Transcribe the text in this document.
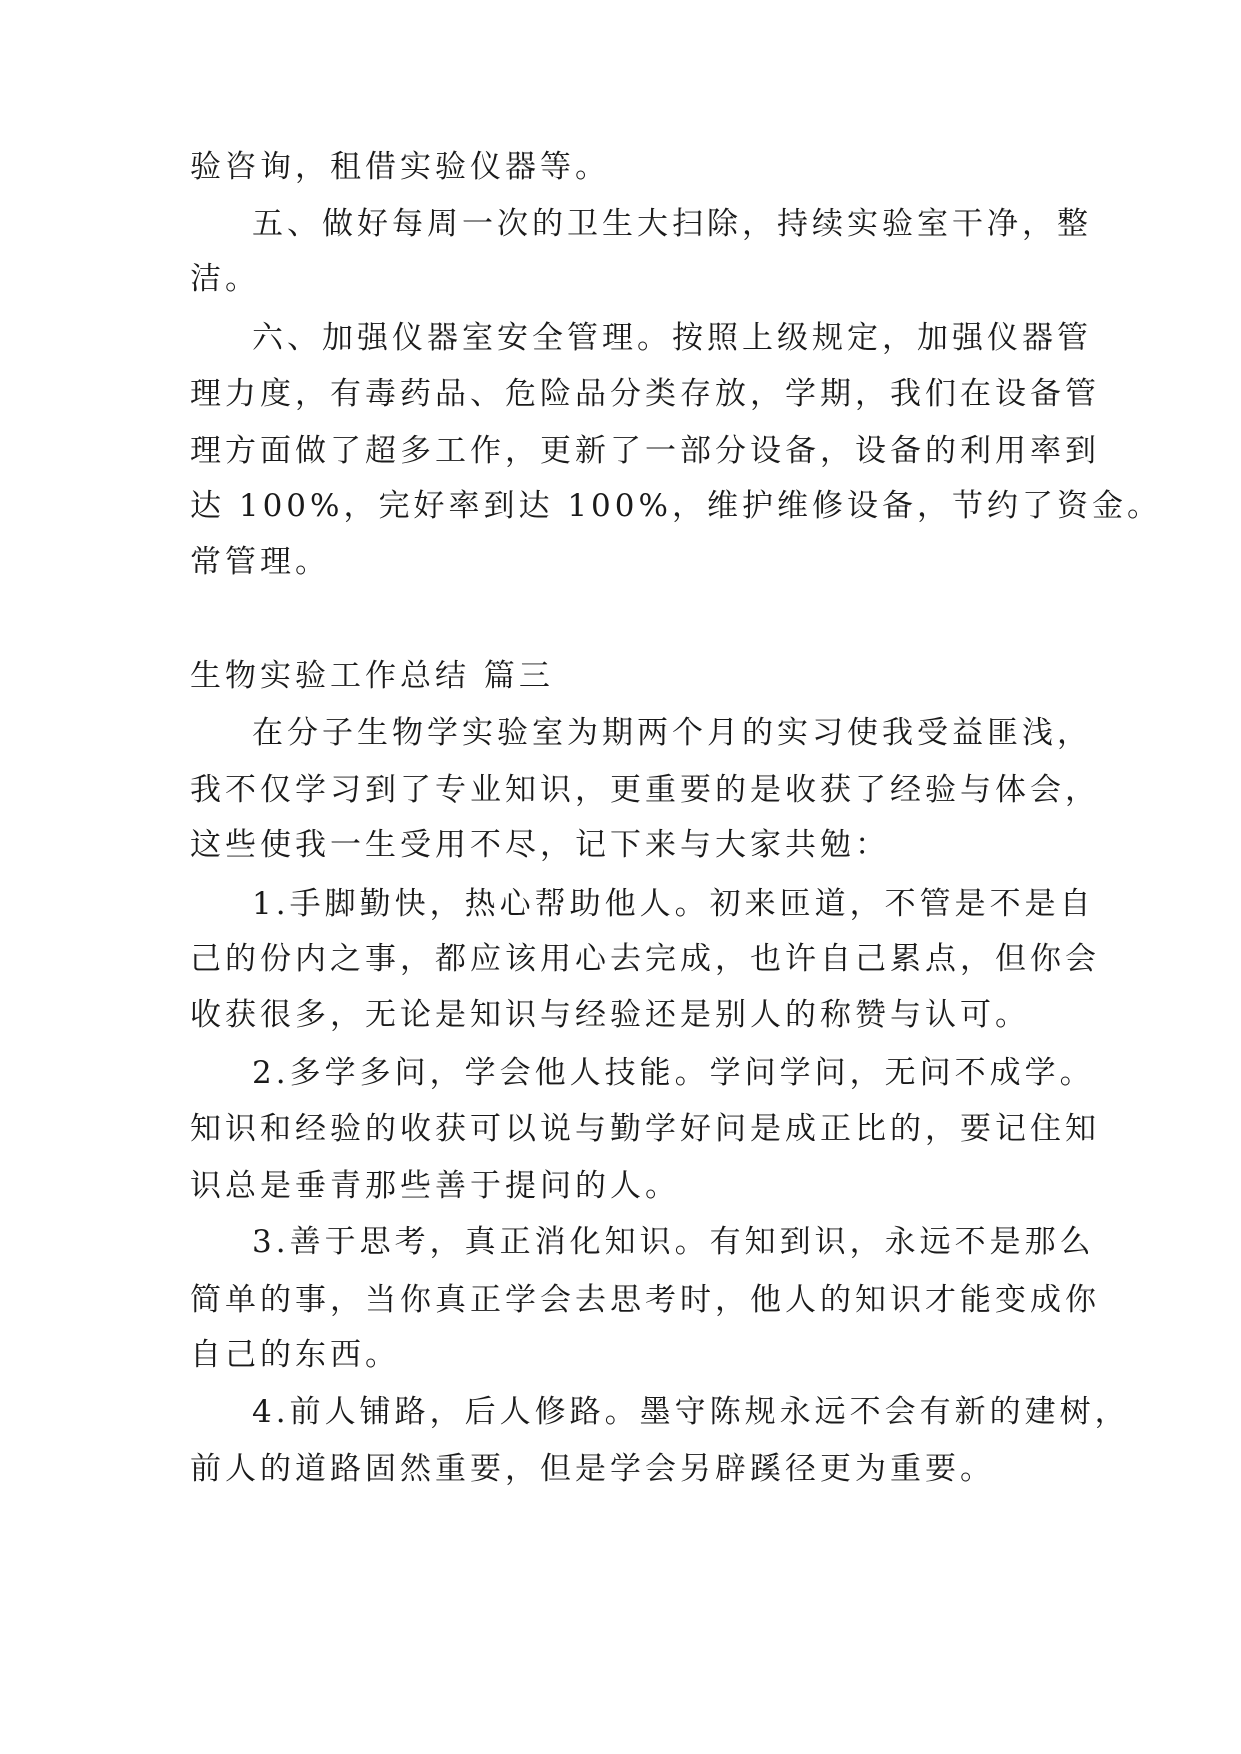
验咨询，租借实验仪器等。
五、做好每周一次的卫生大扫除，持续实验室干净，整
洁。
六、加强仪器室安全管理。按照上级规定，加强仪器管
理力度，有毒药品、危险品分类存放，学期，我们在设备管
理方面做了超多工作，更新了一部分设备，设备的利用率到
达 100%，完好率到达 100%，维护维修设备，节约了资金。
常管理。
生物实验工作总结 篇三
在分子生物学实验室为期两个月的实习使我受益匪浅，
我不仅学习到了专业知识，更重要的是收获了经验与体会，
这些使我一生受用不尽，记下来与大家共勉：
1.手脚勤快，热心帮助他人。初来匝道，不管是不是自
己的份内之事，都应该用心去完成，也许自己累点，但你会
收获很多，无论是知识与经验还是别人的称赞与认可。
2.多学多问，学会他人技能。学问学问，无问不成学。
知识和经验的收获可以说与勤学好问是成正比的，要记住知
识总是垂青那些善于提问的人。
3.善于思考，真正消化知识。有知到识，永远不是那么
简单的事，当你真正学会去思考时，他人的知识才能变成你
自己的东西。
4.前人铺路，后人修路。墨守陈规永远不会有新的建树，
前人的道路固然重要，但是学会另辟蹊径更为重要。
